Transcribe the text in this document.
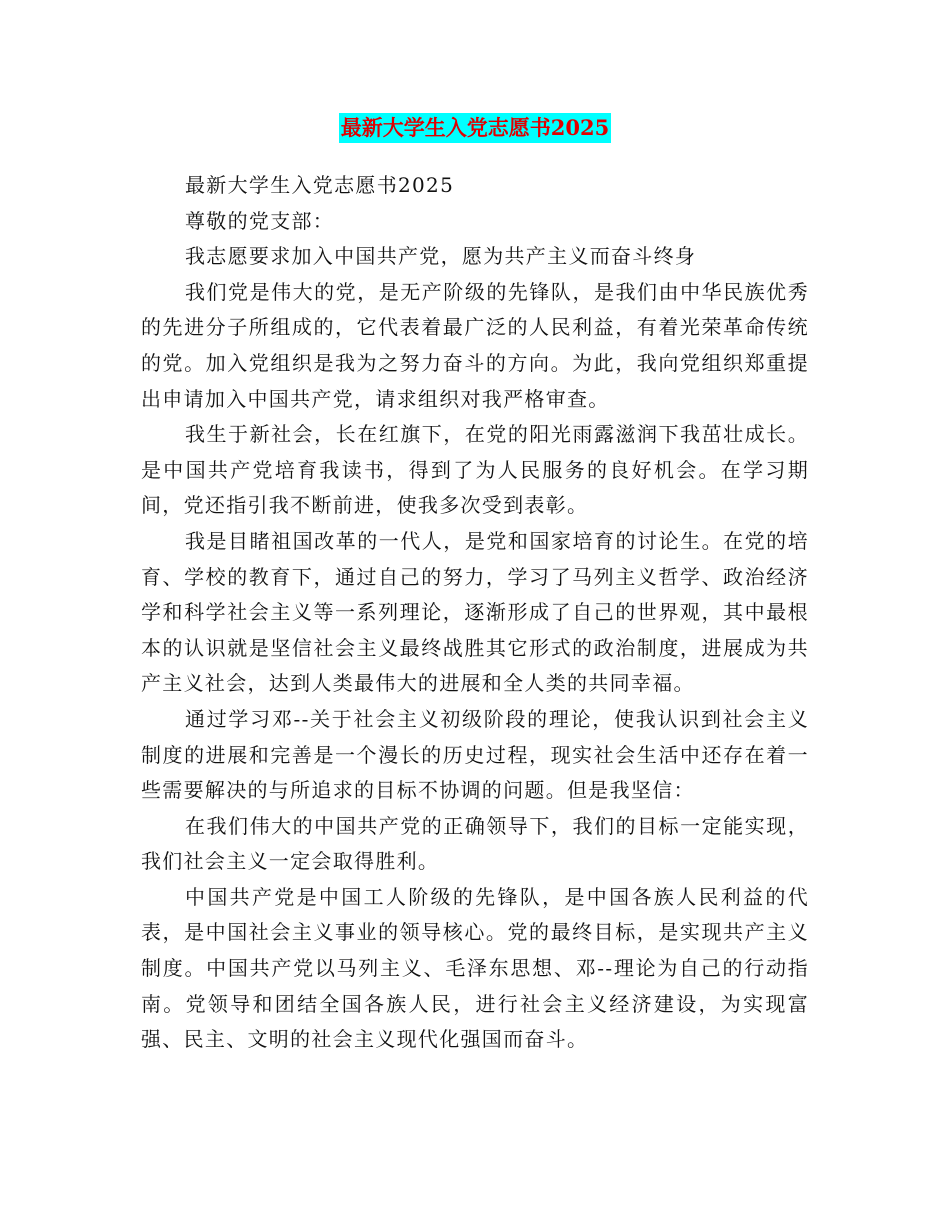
最新大学生入党志愿书2025

最新大学生入党志愿书2025

尊敬的党支部：

我志愿要求加入中国共产党，愿为共产主义而奋斗终身

我们党是伟大的党，是无产阶级的先锋队，是我们由中华民族优秀的先进分子所组成的，它代表着最广泛的人民利益，有着光荣革命传统的党。加入党组织是我为之努力奋斗的方向。为此，我向党组织郑重提出申请加入中国共产党，请求组织对我严格审查。

我生于新社会，长在红旗下，在党的阳光雨露滋润下我茁壮成长。是中国共产党培育我读书，得到了为人民服务的良好机会。在学习期间，党还指引我不断前进，使我多次受到表彰。

我是目睹祖国改革的一代人，是党和国家培育的讨论生。在党的培育、学校的教育下，通过自己的努力，学习了马列主义哲学、政治经济学和科学社会主义等一系列理论，逐渐形成了自己的世界观，其中最根本的认识就是坚信社会主义最终战胜其它形式的政治制度，进展成为共产主义社会，达到人类最伟大的进展和全人类的共同幸福。

通过学习邓--关于社会主义初级阶段的理论，使我认识到社会主义制度的进展和完善是一个漫长的历史过程，现实社会生活中还存在着一些需要解决的与所追求的目标不协调的问题。但是我坚信：

在我们伟大的中国共产党的正确领导下，我们的目标一定能实现，我们社会主义一定会取得胜利。

中国共产党是中国工人阶级的先锋队，是中国各族人民利益的代表，是中国社会主义事业的领导核心。党的最终目标，是实现共产主义制度。中国共产党以马列主义、毛泽东思想、邓--理论为自己的行动指南。党领导和团结全国各族人民，进行社会主义经济建设，为实现富强、民主、文明的社会主义现代化强国而奋斗。
